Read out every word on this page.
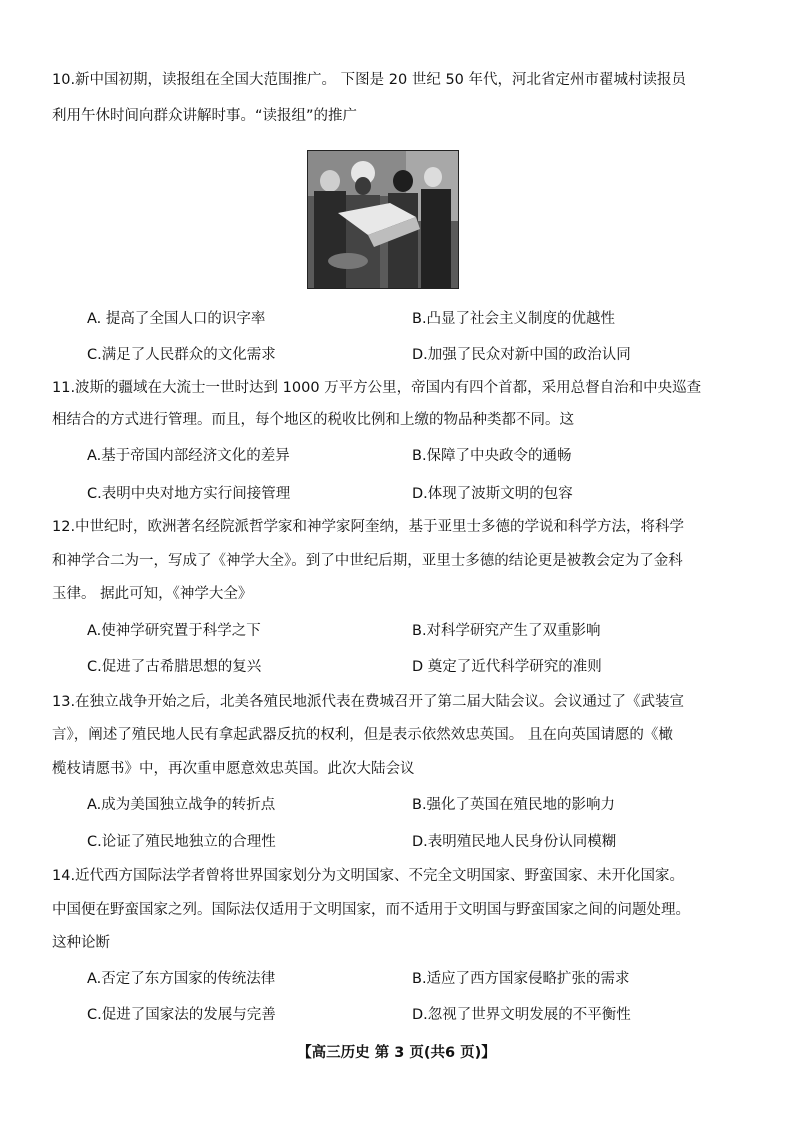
10.新中国初期，读报组在全国大范围推广。 下图是 20 世纪 50 年代，河北省定州市翟城村读报员
利用午休时间向群众讲解时事。“读报组”的推广
A. 提高了全国人口的识字率	B.凸显了社会主义制度的优越性
C.满足了人民群众的文化需求	D.加强了民众对新中国的政治认同
11.波斯的疆域在大流士一世时达到 1000 万平方公里，帝国内有四个首都，采用总督自治和中央巡查
相结合的方式进行管理。而且，每个地区的税收比例和上缴的物品种类都不同。这
A.基于帝国内部经济文化的差异	B.保障了中央政令的通畅
C.表明中央对地方实行间接管理	D.体现了波斯文明的包容
12.中世纪时，欧洲著名经院派哲学家和神学家阿奎纳，基于亚里士多德的学说和科学方法，将科学
和神学合二为一，写成了《神学大全》。到了中世纪后期，亚里士多德的结论更是被教会定为了金科
玉律。 据此可知，《神学大全》
A.使神学研究置于科学之下	B.对科学研究产生了双重影响
C.促进了古希腊思想的复兴	D 奠定了近代科学研究的准则
13.在独立战争开始之后，北美各殖民地派代表在费城召开了第二届大陆会议。会议通过了《武装宣
言》，阐述了殖民地人民有拿起武器反抗的权利，但是表示依然效忠英国。 且在向英国请愿的《橄
榄枝请愿书》中，再次重申愿意效忠英国。此次大陆会议
A.成为美国独立战争的转折点	B.强化了英国在殖民地的影响力
C.论证了殖民地独立的合理性	D.表明殖民地人民身份认同模糊
14.近代西方国际法学者曾将世界国家划分为文明国家、不完全文明国家、野蛮国家、未开化国家。
中国便在野蛮国家之列。国际法仅适用于文明国家，而不适用于文明国与野蛮国家之间的问题处理。
这种论断
A.否定了东方国家的传统法律	B.适应了西方国家侵略扩张的需求
C.促进了国家法的发展与完善	D.忽视了世界文明发展的不平衡性
【高三历史 第 3 页(共6 页)】
